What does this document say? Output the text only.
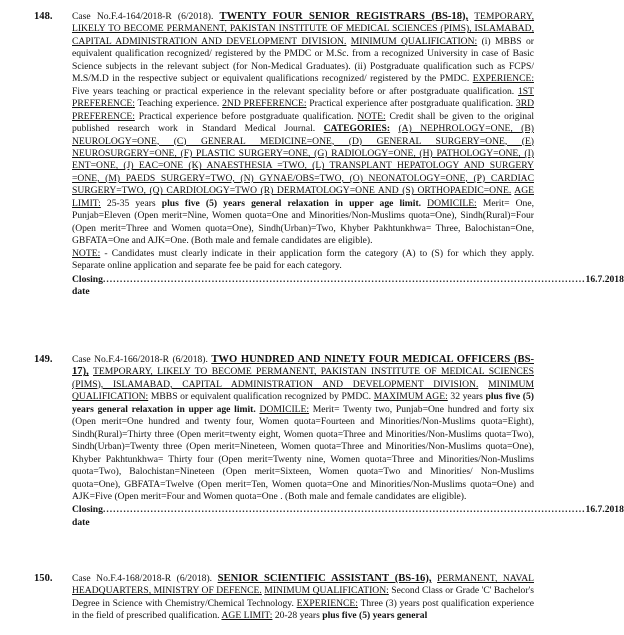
148.	Case No.F.4-164/2018-R (6/2018). TWENTY FOUR SENIOR REGISTRARS (BS-18), TEMPORARY, LIKELY TO BECOME PERMANENT, PAKISTAN INSTITUTE OF MEDICAL SCIENCES (PIMS), ISLAMABAD, CAPITAL ADMINISTRATION AND DEVELOPMENT DIVISION. MINIMUM QUALIFICATION: (i) MBBS or equivalent qualification recognized/ registered by the PMDC or M.Sc. from a recognized University in case of Basic Science subjects in the relevant subject (for Non-Medical Graduates). (ii) Postgraduate qualification such as FCPS/ M.S/M.D in the respective subject or equivalent qualifications recognized/ registered by the PMDC. EXPERIENCE: Five years teaching or practical experience in the relevant speciality before or after postgraduate qualification. 1ST PREFERENCE: Teaching experience. 2ND PREFERENCE: Practical experience after postgraduate qualification. 3RD PREFERENCE: Practical experience before postgraduate qualification. NOTE: Credit shall be given to the original published research work in Standard Medical Journal. CATEGORIES: (A) NEPHROLOGY=ONE, (B) NEUROLOGY=ONE, (C) GENERAL MEDICINE=ONE, (D) GENERAL SURGERY=ONE, (E) NEUROSURGERY=ONE, (F) PLASTIC SURGERY=ONE, (G) RADIOLOGY=ONE, (H) PATHOLOGY=ONE, (I) ENT=ONE, (J) EAC=ONE (K) ANAESTHESIA =TWO, (L) TRANSPLANT HEPATOLOGY AND SURGERY =ONE, (M) PAEDS SURGERY=TWO, (N) GYNAE/OBS=TWO, (O) NEONATOLOGY=ONE, (P) CARDIAC SURGERY=TWO, (Q) CARDIOLOGY=TWO (R) DERMATOLOGY=ONE AND (S) ORTHOPAEDIC=ONE. AGE LIMIT: 25-35 years plus five (5) years general relaxation in upper age limit. DOMICILE: Merit= One, Punjab=Eleven (Open merit=Nine, Women quota=One and Minorities/Non-Muslims quota=One), Sindh(Rural)=Four (Open merit=Three and Women quota=One), Sindh(Urban)=Two, Khyber Pakhtunkhwa= Three, Balochistan=One, GBFATA=One and AJK=One. (Both male and female candidates are eligible).
NOTE: - Candidates must clearly indicate in their application form the category (A) to (S) for which they apply. Separate online application and separate fee be paid for each category.
Closing date
.............................................................................................................................................. 16.7.2018
149.	Case No.F.4-166/2018-R (6/2018). TWO HUNDRED AND NINETY FOUR MEDICAL OFFICERS (BS-17), TEMPORARY, LIKELY TO BECOME PERMANENT, PAKISTAN INSTITUTE OF MEDICAL SCIENCES (PIMS), ISLAMABAD, CAPITAL ADMINISTRATION AND DEVELOPMENT DIVISION. MINIMUM QUALIFICATION: MBBS or equivalent qualification recognized by PMDC. MAXIMUM AGE: 32 years plus five (5) years general relaxation in upper age limit. DOMICILE: Merit= Twenty two, Punjab=One hundred and forty six (Open merit=One hundred and twenty four, Women quota=Fourteen and Minorities/Non-Muslims quota=Eight), Sindh(Rural)=Thirty three (Open merit=twenty eight, Women quota=Three and Minorities/Non-Muslims quota=Two), Sindh(Urban)=Twenty three (Open merit=Nineteen, Women quota=Three and Minorities/Non-Muslims quota=One), Khyber Pakhtunkhwa= Thirty four (Open merit=Twenty nine, Women quota=Three and Minorities/Non-Muslims quota=Two), Balochistan=Nineteen (Open merit=Sixteen, Women quota=Two and Minorities/ Non-Muslims quota=One), GBFATA=Twelve (Open merit=Ten, Women quota=One and Minorities/Non-Muslims quota=One) and AJK=Five (Open merit=Four and Women quota=One . (Both male and female candidates are eligible).
Closing date
.............................................................................................................................................. 16.7.2018
150.	Case No.F.4-168/2018-R (6/2018). SENIOR SCIENTIFIC ASSISTANT (BS-16), PERMANENT, NAVAL HEADQUARTERS, MINISTRY OF DEFENCE. MINIMUM QUALIFICATION: Second Class or Grade 'C' Bachelor's Degree in Science with Chemistry/Chemical Technology. EXPERIENCE: Three (3) years post qualification experience in the field of prescribed qualification. AGE LIMIT: 20-28 years plus five (5) years general
